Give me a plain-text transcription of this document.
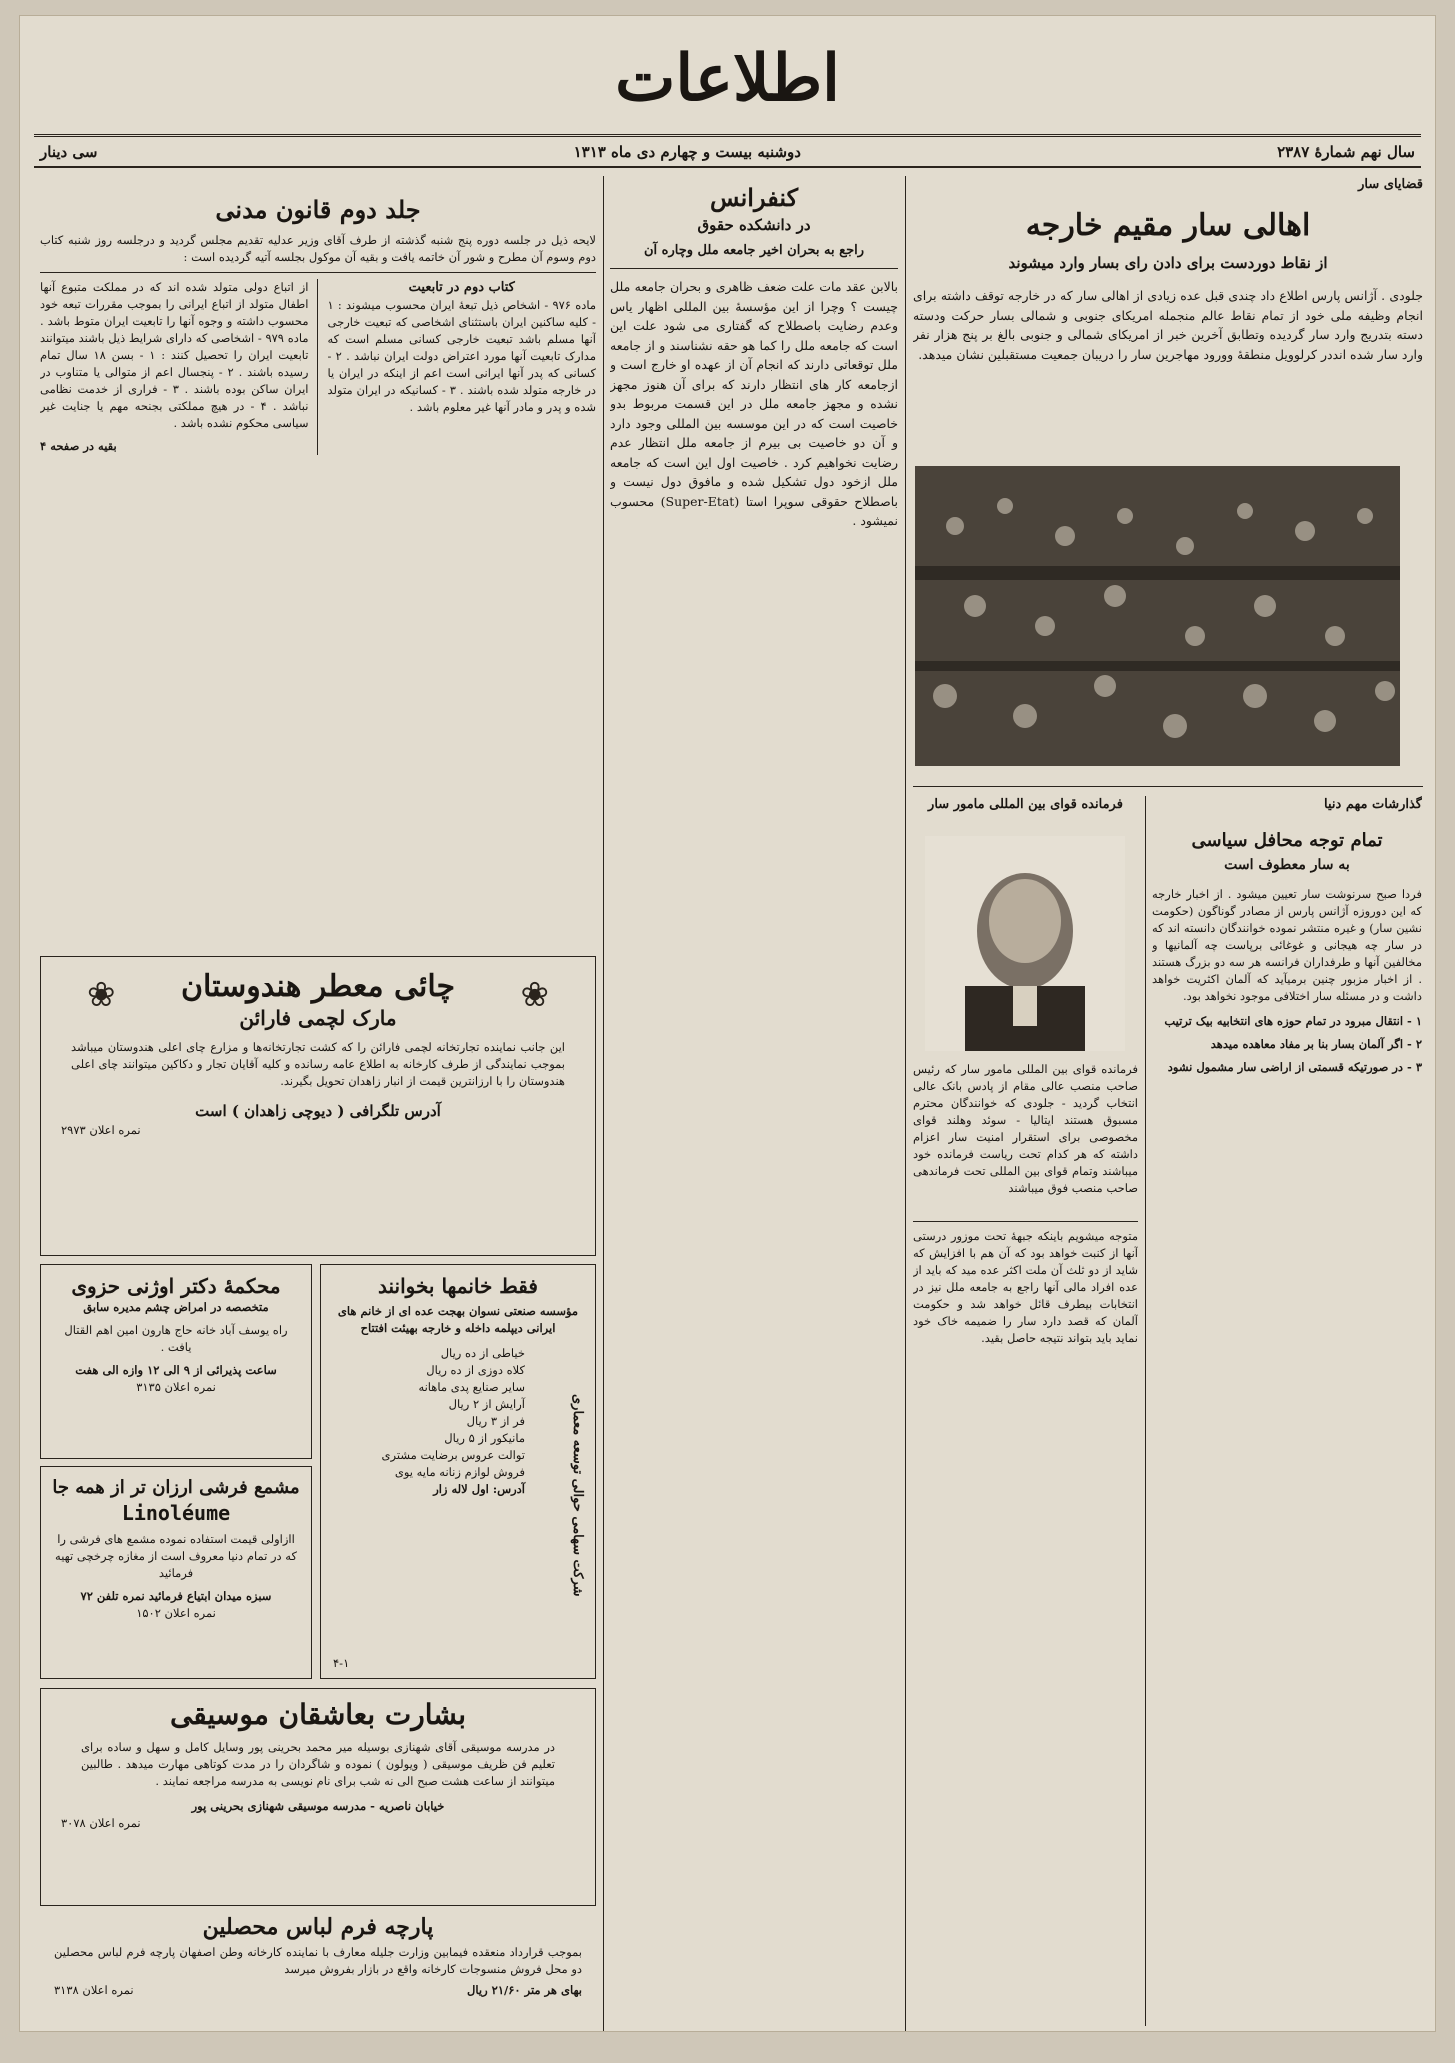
اطلاعات
سال نهم شمارهٔ ۲۳۸۷
دوشنبه بیست و چهارم دی ماه ۱۳۱۳
سی دینار
قضایای سار
اهالی سار مقیم خارجه
از نقاط دوردست برای دادن رای بسار وارد میشوند
جلودی . آژانس پارس اطلاع داد چندی قبل عده زیادی از اهالی سار که در خارجه توقف داشته برای انجام وظیفه ملی خود از تمام نقاط عالم منجمله امریکای جنوبی و شمالی بسار حرکت ودسته دسته بتدریج وارد سار گردیده وتطابق آخرین خبر از امریکای شمالی و جنوبی بالغ بر پنج هزار نفر وارد سار شده انددر کرلوویل منطقهٔ وورود مهاجرین سار را دریبان جمعیت مستقبلین نشان میدهد.
فرمانده قوای بین المللی مامور سار
فرمانده قوای بین المللی مامور سار که رئیس صاحب منصب عالی مقام از پادس بانک عالی انتخاب گردید - جلودی که خوانندگان محترم مسبوق هستند ایتالیا - سوئد وهلند قوای مخصوصی برای استقرار امنیت سار اعزام داشته که هر کدام تحت ریاست فرمانده خود میباشند وتمام قوای بین المللی تحت فرماندهی صاحب منصب فوق میباشند
متوجه میشویم باینکه جبههٔ تحت موزور درستی آنها از کنبت خواهد بود که آن هم با افزایش که شاید از دو ثلث آن ملت اکثر عده مید که باید از عده افراد مالی آنها راجع به جامعه ملل نیز در انتخابات بیطرف قائل خواهد شد و حکومت آلمان که قصد دارد سار را ضمیمه خاک خود نماید باید بتواند نتیجه حاصل بقید.
گذارشات مهم دنیا
تمام توجه محافل سیاسی
به سار معطوف است
فردا صبح سرنوشت سار تعیین میشود . از اخبار خارجه که این دوروزه آژانس پارس از مصادر گوناگون (حکومت نشین سار) و غیره منتشر نموده خوانندگان دانسته اند که در سار چه هیجانی و غوغائی برپاست چه آلمانیها و مخالفین آنها و طرفداران فرانسه هر سه دو بزرگ هستند . از اخبار مزبور چنین برمیآید که آلمان اکثریت خواهد داشت و در مسئله سار اختلافی موجود نخواهد بود.
۱ - انتقال مبرود در تمام حوزه های انتخابیه بیک ترتیب
۲ - اگر آلمان بسار بنا بر مفاد معاهده میدهد
۳ - در صورتیکه قسمتی از اراضی سار مشمول نشود
کنفرانس
در دانشکده حقوق
راجع به بحران اخیر جامعه ملل وچاره آن
بالابن عقد مات علت ضعف ظاهری و بحران جامعه ملل چیست ؟ وچرا از این مؤسسهٔ بین المللی اظهار یاس وعدم رضایت باصطلاح که گفتاری می شود علت این است که جامعه ملل را کما هو حقه نشناسند و از جامعه ملل توقعاتی دارند که انجام آن از عهده او خارج است و ازجامعه کار های انتظار دارند که برای آن هنوز مجهز نشده و مجهز جامعه ملل در این قسمت مربوط بدو خاصیت است که در این موسسه بین المللی وجود دارد و آن دو خاصیت بی بیرم از جامعه ملل انتظار عدم رضایت نخواهیم کرد . خاصیت اول این است که جامعه ملل ازخود دول تشکیل شده و مافوق دول نیست و باصطلاح حقوقی سوپرا استا (Super-Etat) محسوب نمیشود .
جلد دوم قانون مدنی
لایحه ذیل در جلسه دوره پنج شنبه گذشته از طرف آقای وزیر عدلیه تقدیم مجلس گردید و درجلسه روز شنبه کتاب دوم وسوم آن مطرح و شور آن خاتمه یافت و بقیه آن موکول بجلسه آتیه گردیده است :
کتاب دوم در تابعیت
ماده ۹۷۶ - اشخاص ذیل تبعهٔ ایران محسوب میشوند : ۱ - کلیه ساکنین ایران باستثنای اشخاصی که تبعیت خارجی آنها مسلم باشد تبعیت خارجی کسانی مسلم است که مدارک تابعیت آنها مورد اعتراض دولت ایران نباشد . ۲ - کسانی که پدر آنها ایرانی است اعم از اینکه در ایران یا در خارجه متولد شده باشند . ۳ - کسانیکه در ایران متولد شده و پدر و مادر آنها غیر معلوم باشد .
از اتباع دولی متولد شده اند که در مملکت متبوع آنها اطفال متولد از اتباع ایرانی را بموجب مقررات تبعه خود محسوب داشته و وجوه آنها را تابعیت ایران متوط باشد . ماده ۹۷۹ - اشخاصی که دارای شرایط ذیل باشند میتوانند تابعیت ایران را تحصیل کنند : ۱ - بسن ۱۸ سال تمام رسیده باشند . ۲ - پنجسال اعم از متوالی یا متناوب در ایران ساکن بوده باشند . ۳ - فراری از خدمت نظامی نباشد . ۴ - در هیچ مملکتی بجنحه مهم یا جنایت غیر سیاسی محکوم نشده باشد .
بقیه در صفحه ۴
❀	❀
چائی معطر هندوستان
مارک لچمی فارائن
این جانب نماینده تجارتخانه لچمی فارائن را که کشت تجارتخانه‌ها و مزارع چای اعلی هندوستان میباشد بموجب نمایندگی از طرف کارخانه به اطلاع عامه رسانده و کلیه آقایان تجار و دکاکین میتوانند چای اعلی هندوستان را با ارزانترین قیمت از انبار زاهدان تحویل بگیرند.
آدرس تلگرافی ( دیوچی زاهدان ) است
نمره اعلان ۲۹۷۳
فقط خانمها بخوانند
مؤسسه صنعتی نسوان بهجت عده ای از خانم های ایرانی دیپلمه داخله و خارجه بهیئت افتتاح
خیاطی از ده ریال
کلاه دوزی از ده ریال
سایر صنایع پدی ماهانه
آرایش از ۲ ریال
فر از ۳ ریال
مانیکور از ۵ ریال
توالت عروس برضایت مشتری
فروش لوازم زنانه مایه یوی
آدرس: اول لاله زار	شرکت سهامی حوالی توسعه معماری
۴-۱
محکمهٔ دکتر اوژنی حزوی
متخصصه در امراض چشم مدیره سابق
راه یوسف آباد خانه حاج هارون امین اهم القتال یافت .
ساعت پذیرائی از ۹ الی ۱۲ وازه الی هفت
نمره اعلان ۳۱۳۵
مشمع فرشی ارزان تر از همه جا
Linoléume
اازاولی قیمت استفاده نموده مشمع های فرشی را که در تمام دنیا معروف است از مغازه چرخچی تهیه فرمائید
سبزه میدان ابتیاع فرمائید نمره تلفن ۷۲
نمره اعلان ۱۵۰۲
بشارت بعاشقان موسیقی
در مدرسه موسیقی آقای شهنازی بوسیله میر محمد بحرینی پور وسایل کامل و سهل و ساده برای تعلیم فن ظریف موسیقی ( ویولون ) نموده و شاگردان را در مدت کوتاهی مهارت میدهد . طالبین میتوانند از ساعت هشت صبح الی نه شب برای نام نویسی به مدرسه مراجعه نمایند .
خیابان ناصریه - مدرسه موسیقی شهنازی بحرینی پور
نمره اعلان ۳۰۷۸
پارچه فرم لباس محصلین
بموجب قرارداد منعقده فیمابین وزارت جلیله معارف با نماینده کارخانه وطن اصفهان پارچه فرم لباس محصلین دو محل فروش منسوجات کارخانه واقع در بازار بفروش میرسد
بهای هر متر ۲۱/۶۰ ریال
نمره اعلان ۳۱۳۸
